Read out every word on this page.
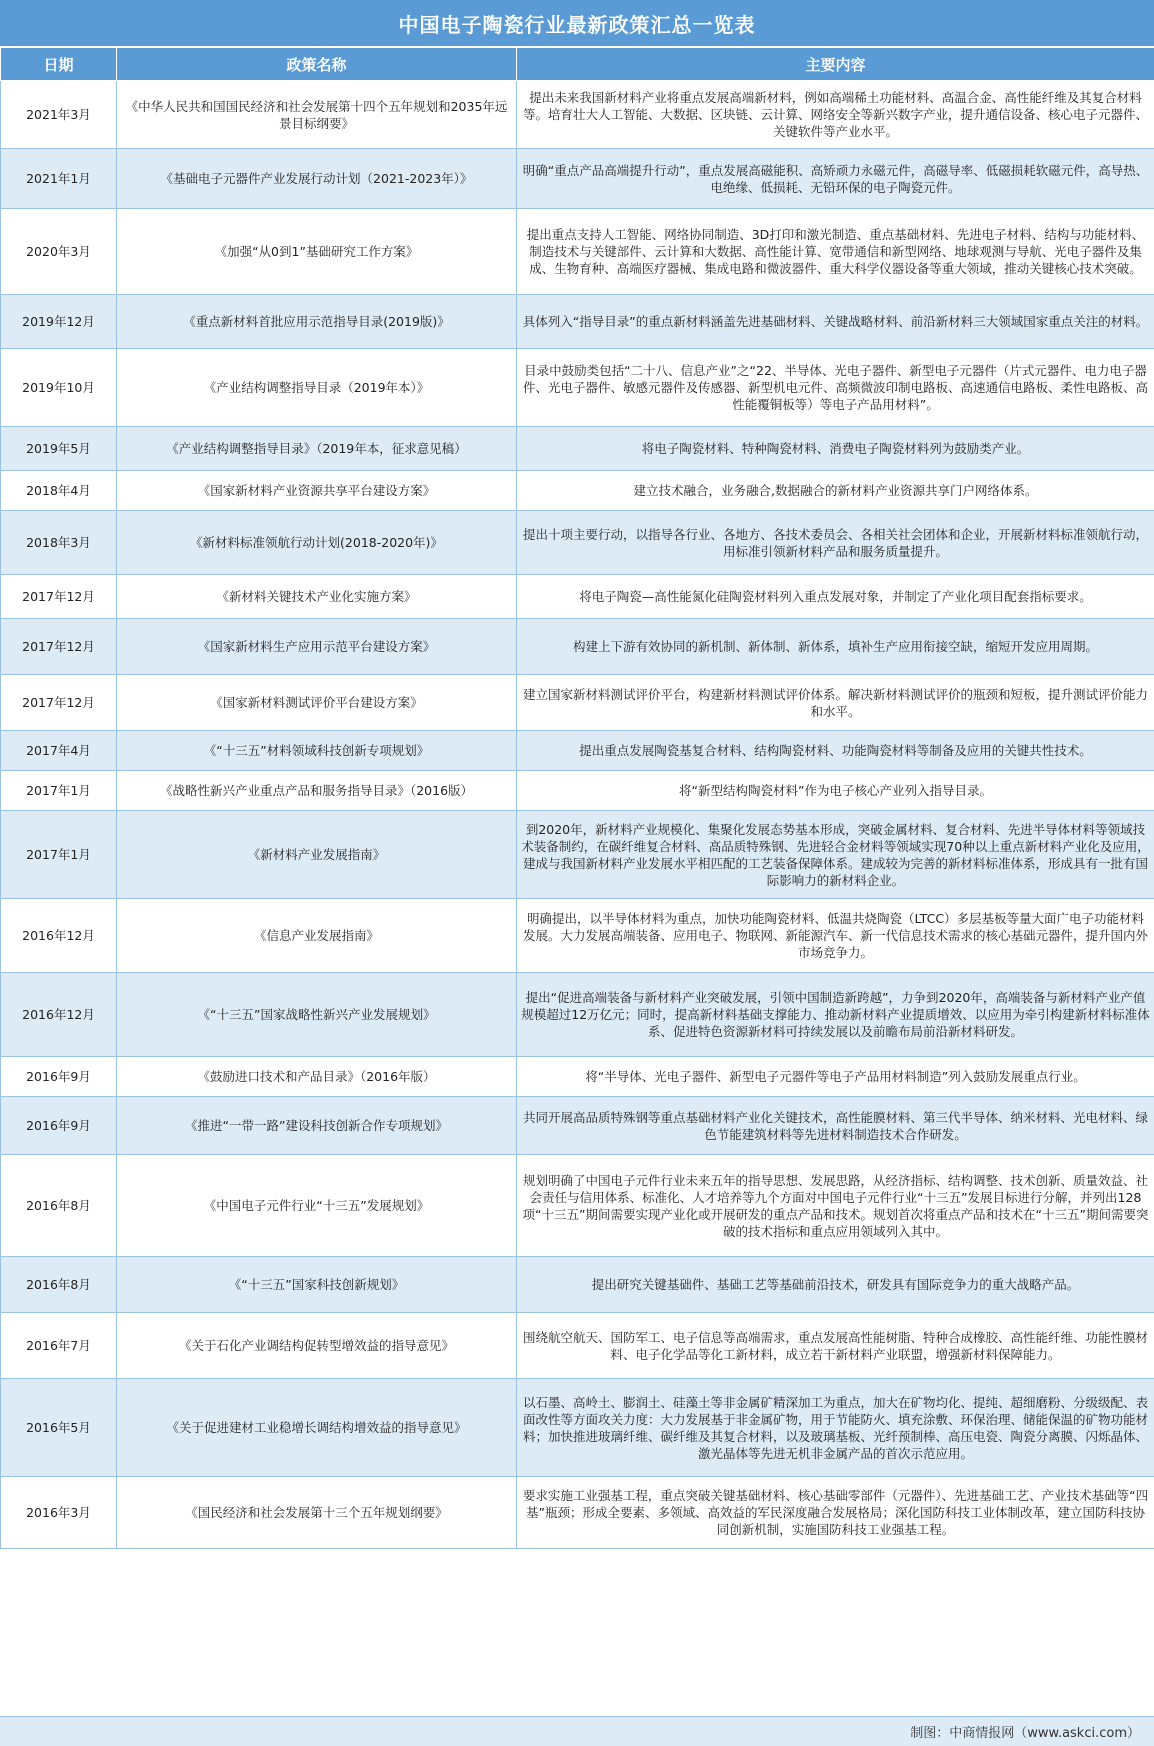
中国电子陶瓷行业最新政策汇总一览表
日期	政策名称	主要内容
2021年3月	《中华人民共和国国民经济和社会发展第十四个五年规划和2035年远景目标纲要》	提出未来我国新材料产业将重点发展高端新材料，例如高端稀土功能材料、高温合金、高性能纤维及其复合材料等。培育壮大人工智能、大数据、区块链、云计算、网络安全等新兴数字产业，提升通信设备、核心电子元器件、关键软件等产业水平。
2021年1月	《基础电子元器件产业发展行动计划（2021-2023年）》	明确“重点产品高端提升行动”，重点发展高磁能积、高矫顽力永磁元件，高磁导率、低磁损耗软磁元件，高导热、电绝缘、低损耗、无铅环保的电子陶瓷元件。
2020年3月	《加强“从0到1”基础研究工作方案》	提出重点支持人工智能、网络协同制造、3D打印和激光制造、重点基础材料、先进电子材料、结构与功能材料、制造技术与关键部件、云计算和大数据、高性能计算、宽带通信和新型网络、地球观测与导航、光电子器件及集成、生物育种、高端医疗器械、集成电路和微波器件、重大科学仪器设备等重大领域，推动关键核心技术突破。
2019年12月	《重点新材料首批应用示范指导目录(2019版)》	具体列入“指导目录”的重点新材料涵盖先进基础材料、关键战略材料、前沿新材料三大领域国家重点关注的材料。
2019年10月	《产业结构调整指导目录（2019年本）》	目录中鼓励类包括“二十八、信息产业”之“22、半导体、光电子器件、新型电子元器件（片式元器件、电力电子器件、光电子器件、敏感元器件及传感器、新型机电元件、高频微波印制电路板、高速通信电路板、柔性电路板、高性能覆铜板等）等电子产品用材料”。
2019年5月	《产业结构调整指导目录》（2019年本，征求意见稿）	将电子陶瓷材料、特种陶瓷材料、消费电子陶瓷材料列为鼓励类产业。
2018年4月	《国家新材料产业资源共享平台建设方案》	建立技术融合，业务融合,数据融合的新材料产业资源共享门户网络体系。
2018年3月	《新材料标准领航行动计划(2018-2020年)》	提出十项主要行动，以指导各行业、各地方、各技术委员会、各相关社会团体和企业，开展新材料标准领航行动，用标准引领新材料产品和服务质量提升。
2017年12月	《新材料关键技术产业化实施方案》	将电子陶瓷—高性能氮化硅陶瓷材料列入重点发展对象，并制定了产业化项目配套指标要求。
2017年12月	《国家新材料生产应用示范平台建设方案》	构建上下游有效协同的新机制、新体制、新体系，填补生产应用衔接空缺，缩短开发应用周期。
2017年12月	《国家新材料测试评价平台建设方案》	建立国家新材料测试评价平台，构建新材料测试评价体系。解决新材料测试评价的瓶颈和短板，提升测试评价能力和水平。
2017年4月	《“十三五”材料领域科技创新专项规划》	提出重点发展陶瓷基复合材料、结构陶瓷材料、功能陶瓷材料等制备及应用的关键共性技术。
2017年1月	《战略性新兴产业重点产品和服务指导目录》（2016版）	将“新型结构陶瓷材料”作为电子核心产业列入指导目录。
2017年1月	《新材料产业发展指南》	到2020年，新材料产业规模化、集聚化发展态势基本形成，突破金属材料、复合材料、先进半导体材料等领域技术装备制约，在碳纤维复合材料、高品质特殊钢、先进轻合金材料等领域实现70种以上重点新材料产业化及应用，建成与我国新材料产业发展水平相匹配的工艺装备保障体系。建成较为完善的新材料标准体系，形成具有一批有国际影响力的新材料企业。
2016年12月	《信息产业发展指南》	明确提出，以半导体材料为重点，加快功能陶瓷材料、低温共烧陶瓷（LTCC）多层基板等量大面广电子功能材料发展。大力发展高端装备、应用电子、物联网、新能源汽车、新一代信息技术需求的核心基础元器件，提升国内外市场竞争力。
2016年12月	《“十三五”国家战略性新兴产业发展规划》	提出“促进高端装备与新材料产业突破发展，引领中国制造新跨越”，力争到2020年，高端装备与新材料产业产值规模超过12万亿元；同时，提高新材料基础支撑能力、推动新材料产业提质增效、以应用为牵引构建新材料标准体系、促进特色资源新材料可持续发展以及前瞻布局前沿新材料研发。
2016年9月	《鼓励进口技术和产品目录》（2016年版）	将“半导体、光电子器件、新型电子元器件等电子产品用材料制造”列入鼓励发展重点行业。
2016年9月	《推进“一带一路”建设科技创新合作专项规划》	共同开展高品质特殊钢等重点基础材料产业化关键技术，高性能膜材料、第三代半导体、纳米材料、光电材料、绿色节能建筑材料等先进材料制造技术合作研发。
2016年8月	《中国电子元件行业“十三五”发展规划》	规划明确了中国电子元件行业未来五年的指导思想、发展思路，从经济指标、结构调整、技术创新、质量效益、社会责任与信用体系、标准化、人才培养等九个方面对中国电子元件行业“十三五”发展目标进行分解，并列出128项“十三五”期间需要实现产业化或开展研发的重点产品和技术。规划首次将重点产品和技术在“十三五”期间需要突破的技术指标和重点应用领域列入其中。
2016年8月	《“十三五”国家科技创新规划》	提出研究关键基础件、基础工艺等基础前沿技术，研发具有国际竞争力的重大战略产品。
2016年7月	《关于石化产业调结构促转型增效益的指导意见》	围绕航空航天、国防军工、电子信息等高端需求，重点发展高性能树脂、特种合成橡胶、高性能纤维、功能性膜材料、电子化学品等化工新材料，成立若干新材料产业联盟，增强新材料保障能力。
2016年5月	《关于促进建材工业稳增长调结构增效益的指导意见》	以石墨、高岭土、膨润土、硅藻土等非金属矿精深加工为重点，加大在矿物均化、提纯、超细磨粉、分级级配、表面改性等方面攻关力度：大力发展基于非金属矿物，用于节能防火、填充涂敷、环保治理、储能保温的矿物功能材料；加快推进玻璃纤维、碳纤维及其复合材料，以及玻璃基板、光纤预制棒、高压电瓷、陶瓷分离膜、闪烁晶体、激光晶体等先进无机非金属产品的首次示范应用。
2016年3月	《国民经济和社会发展第十三个五年规划纲要》	要求实施工业强基工程，重点突破关键基础材料、核心基础零部件（元器件）、先进基础工艺、产业技术基础等“四基”瓶颈；形成全要素、多领域、高效益的军民深度融合发展格局；深化国防科技工业体制改革，建立国防科技协同创新机制，实施国防科技工业强基工程。
制图：中商情报网（www.askci.com）
